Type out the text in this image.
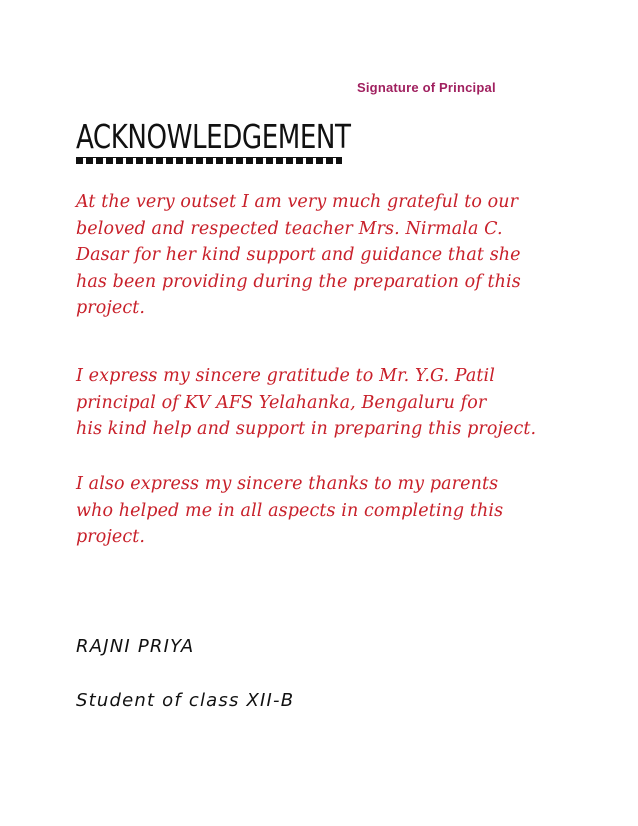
Signature of Principal
ACKNOWLEDGEMENT
At the very outset I am very much grateful to our
beloved and respected teacher Mrs. Nirmala C.
Dasar for her kind support and guidance that she
has been providing during the preparation of this
project.
I express my sincere gratitude to Mr. Y.G. Patil
principal of KV AFS Yelahanka, Bengaluru for
his kind help and support in preparing this project.
I also express my sincere thanks to my parents
who helped me in all aspects in completing this
project.
RAJNI PRIYA
Student of class XII-B
